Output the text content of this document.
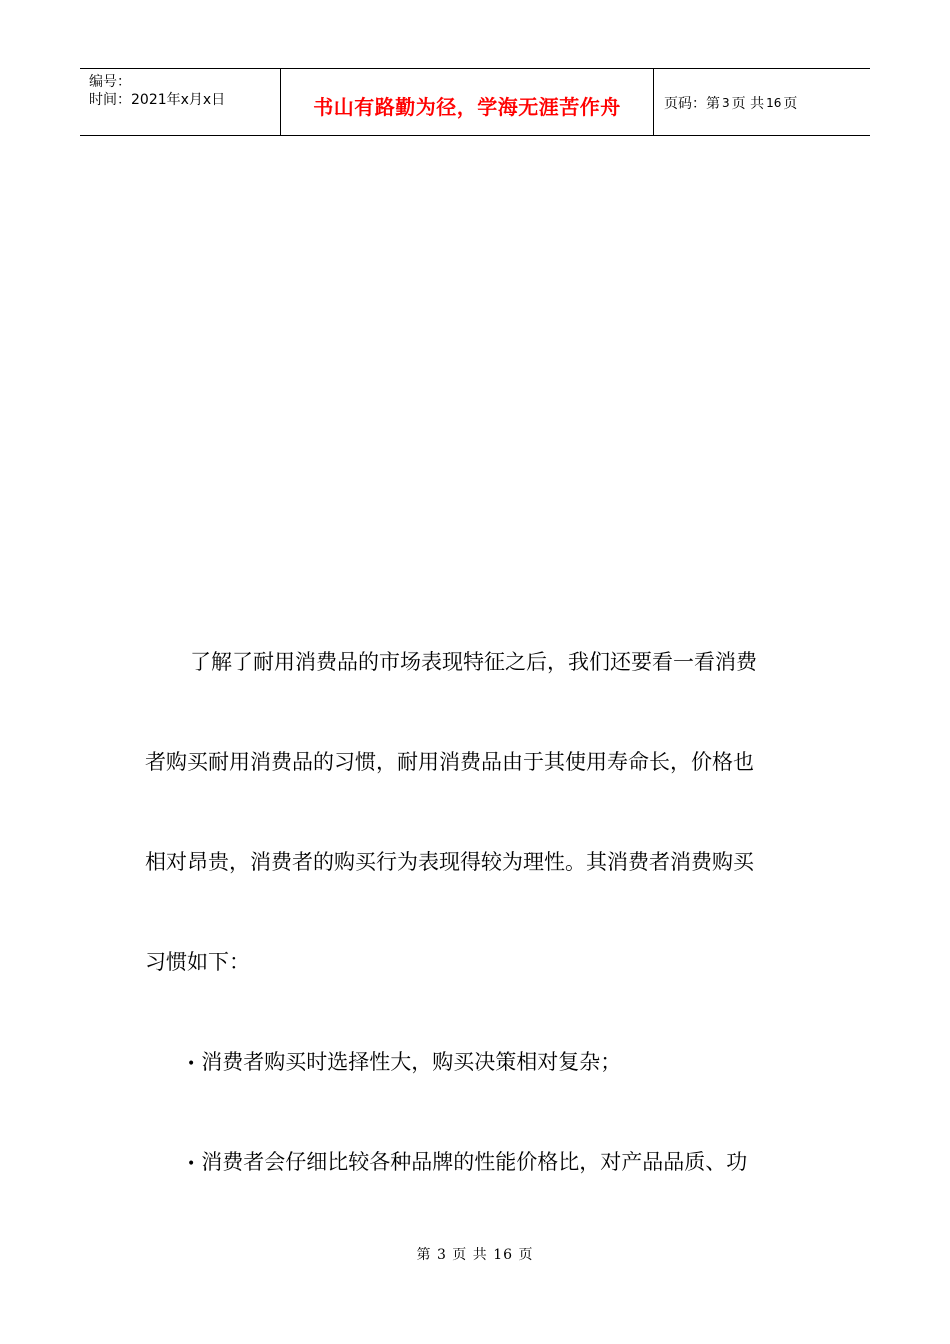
编号：
时间：2021年x月x日	书山有路勤为径，学海无涯苦作舟	页码：第 3 页 共 16 页
了解了耐用消费品的市场表现特征之后，我们还要看一看消费
者购买耐用消费品的习惯，耐用消费品由于其使用寿命长，价格也
相对昂贵，消费者的购买行为表现得较为理性。其消费者消费购买
习惯如下：
• 消费者购买时选择性大，购买决策相对复杂；
• 消费者会仔细比较各种品牌的性能价格比，对产品品质、功
第 3 页 共 16 页
